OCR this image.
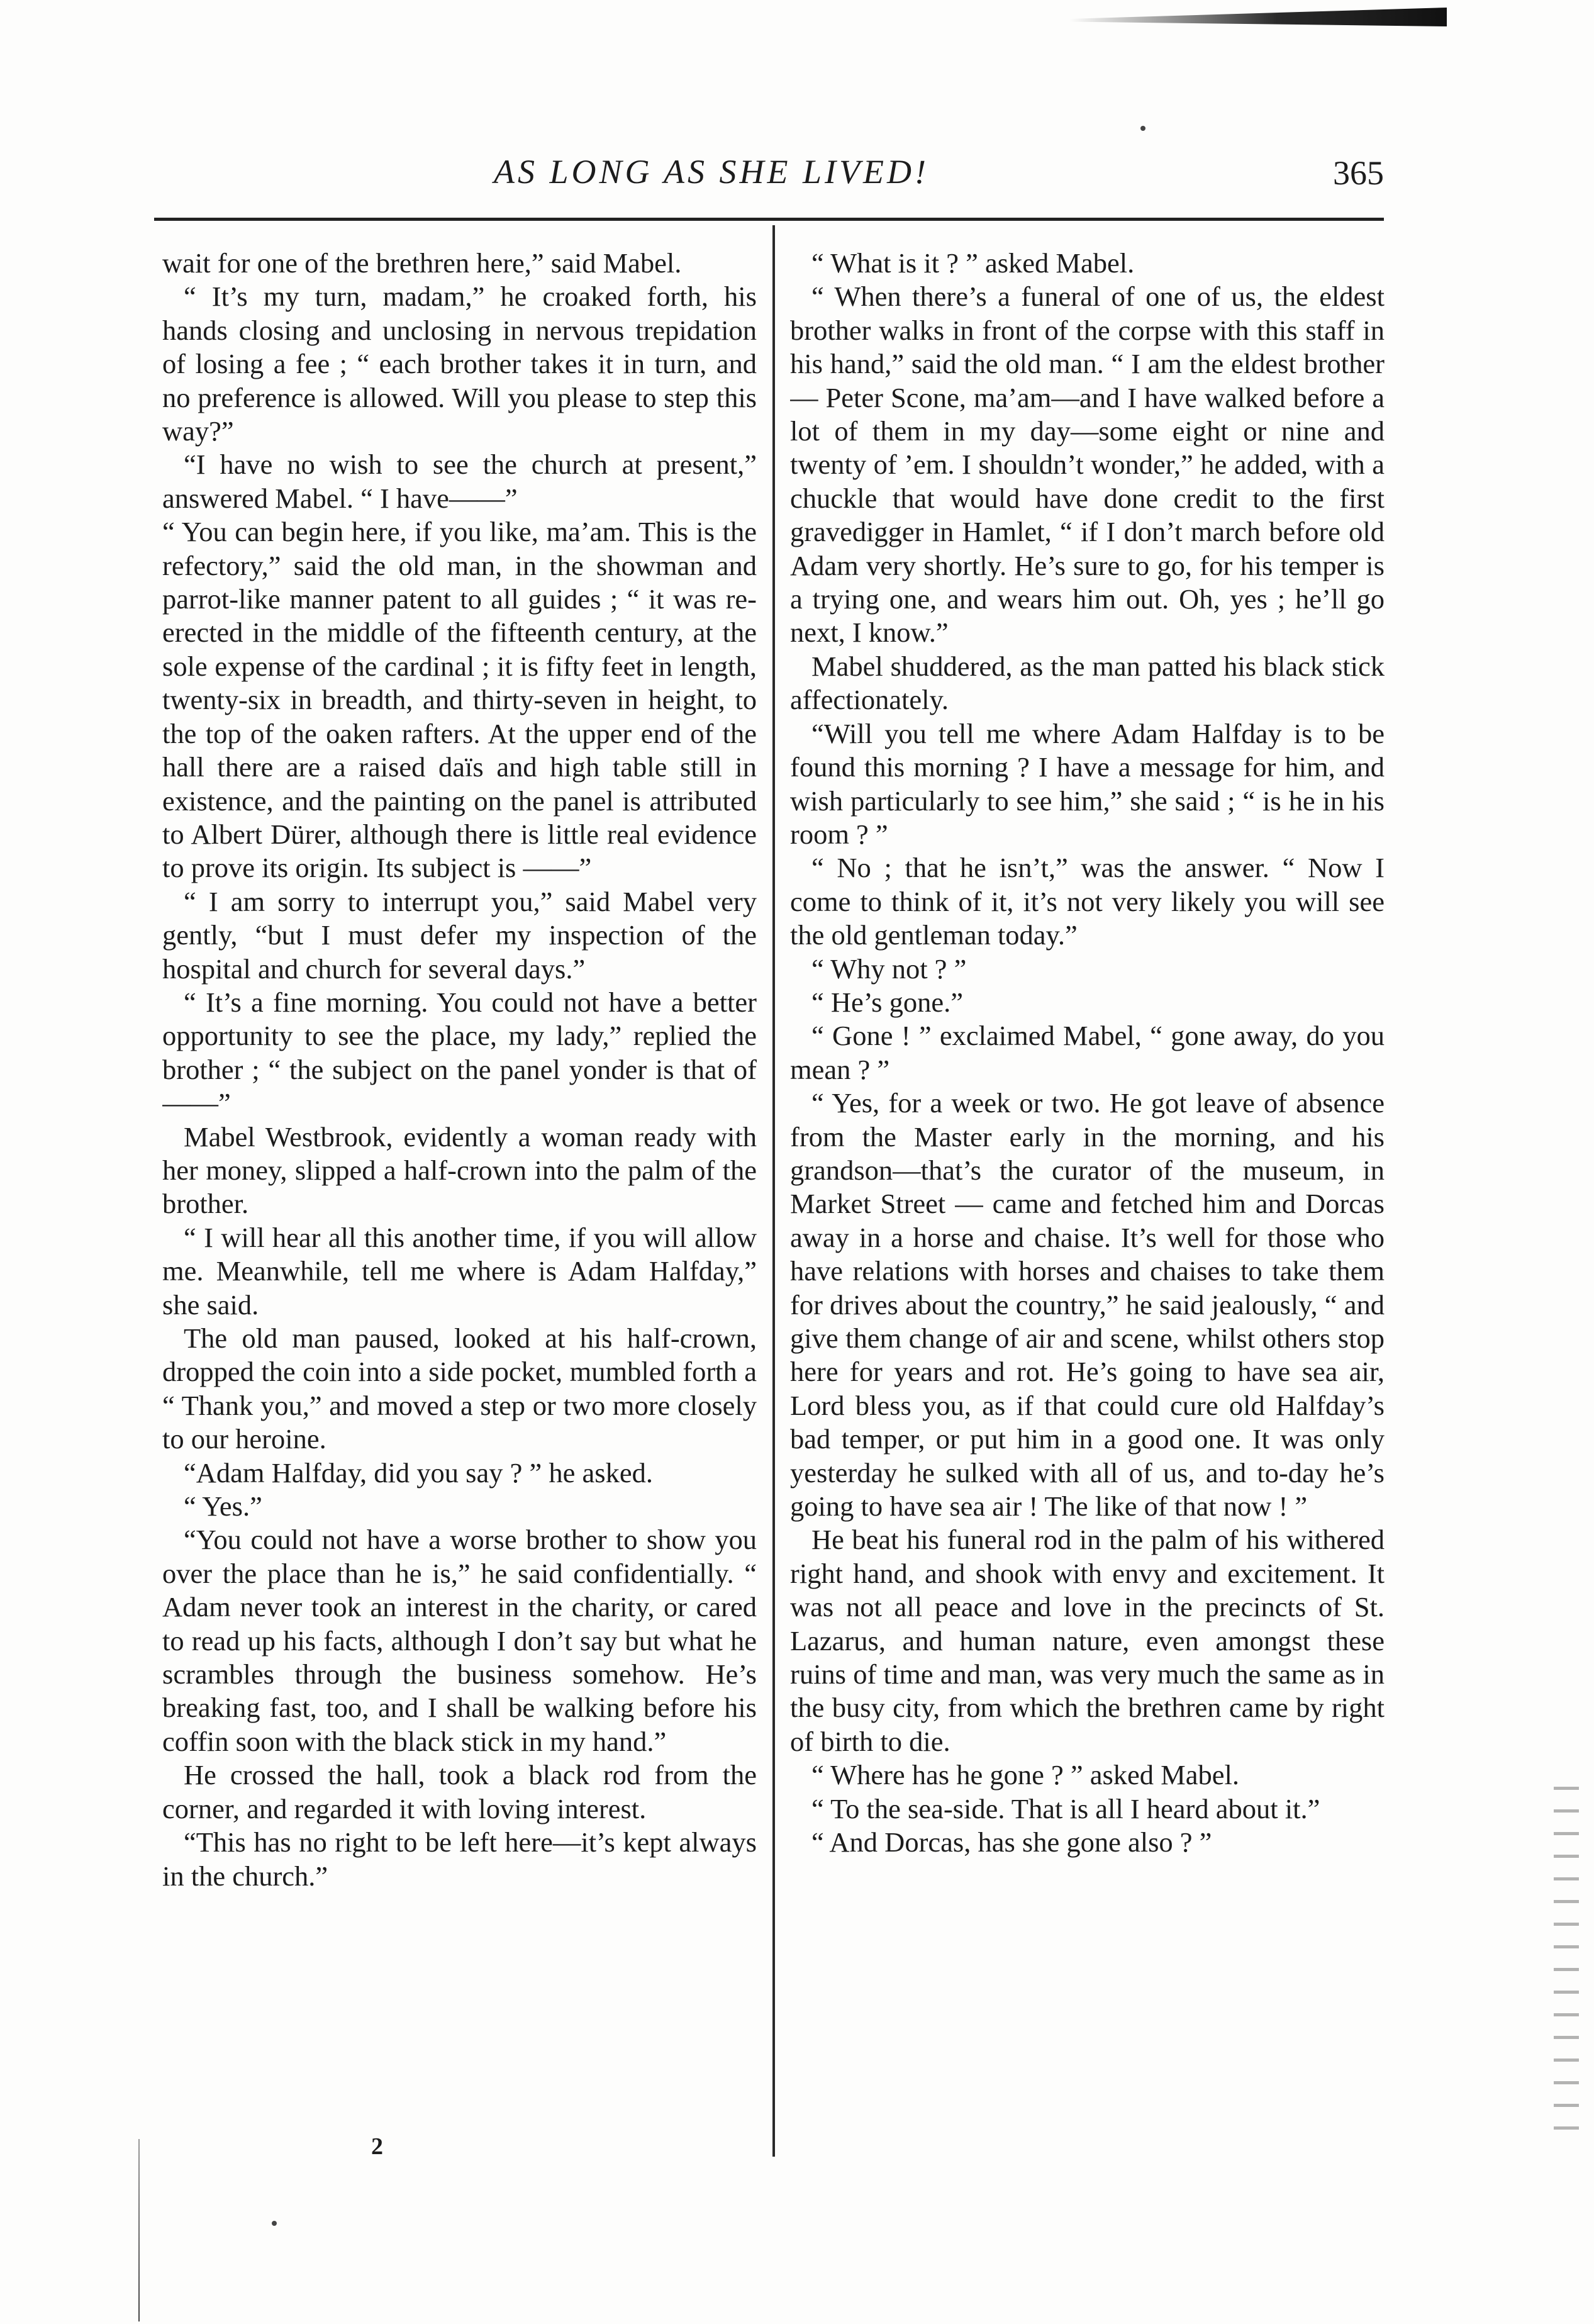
AS LONG AS SHE LIVED!	365

wait for one of the brethren here,” said Mabel.

“ It’s my turn, madam,” he croaked forth, his hands closing and unclosing in nervous trepidation of losing a fee ; “ each brother takes it in turn, and no preference is allowed. Will you please to step this way?”

“I have no wish to see the church at present,” answered Mabel. “ I have——”

“ You can begin here, if you like, ma’am. This is the refectory,” said the old man, in the showman and parrot-like manner patent to all guides ; “ it was re-erected in the middle of the fifteenth century, at the sole expense of the cardinal ; it is fifty feet in length, twenty-six in breadth, and thirty-seven in height, to the top of the oaken rafters. At the upper end of the hall there are a raised daïs and high table still in existence, and the painting on the panel is attributed to Albert Dürer, although there is little real evidence to prove its origin. Its subject is ——”

“ I am sorry to interrupt you,” said Mabel very gently, “but I must defer my inspection of the hospital and church for several days.”

“ It’s a fine morning. You could not have a better opportunity to see the place, my lady,” replied the brother ; “ the subject on the panel yonder is that of——”

Mabel Westbrook, evidently a woman ready with her money, slipped a half-crown into the palm of the brother.

“ I will hear all this another time, if you will allow me. Meanwhile, tell me where is Adam Halfday,” she said.

The old man paused, looked at his half-crown, dropped the coin into a side pocket, mumbled forth a “ Thank you,” and moved a step or two more closely to our heroine.

“Adam Halfday, did you say ? ” he asked.

“ Yes.”

“You could not have a worse brother to show you over the place than he is,” he said confidentially. “ Adam never took an interest in the charity, or cared to read up his facts, although I don’t say but what he scrambles through the business somehow. He’s breaking fast, too, and I shall be walking before his coffin soon with the black stick in my hand.”

He crossed the hall, took a black rod from the corner, and regarded it with loving interest.

“This has no right to be left here—it’s kept always in the church.”

“ What is it ? ” asked Mabel.

“ When there’s a funeral of one of us, the eldest brother walks in front of the corpse with this staff in his hand,” said the old man. “ I am the eldest brother— Peter Scone, ma’am—and I have walked before a lot of them in my day—some eight or nine and twenty of ’em. I shouldn’t wonder,” he added, with a chuckle that would have done credit to the first gravedigger in Hamlet, “ if I don’t march before old Adam very shortly. He’s sure to go, for his temper is a trying one, and wears him out. Oh, yes ; he’ll go next, I know.”

Mabel shuddered, as the man patted his black stick affectionately.

“Will you tell me where Adam Halfday is to be found this morning ? I have a message for him, and wish particularly to see him,” she said ; “ is he in his room ? ”

“ No ; that he isn’t,” was the answer. “ Now I come to think of it, it’s not very likely you will see the old gentleman today.”

“ Why not ? ”

“ He’s gone.”

“ Gone ! ” exclaimed Mabel, “ gone away, do you mean ? ”

“ Yes, for a week or two. He got leave of absence from the Master early in the morning, and his grandson—that’s the curator of the museum, in Market Street — came and fetched him and Dorcas away in a horse and chaise. It’s well for those who have relations with horses and chaises to take them for drives about the country,” he said jealously, “ and give them change of air and scene, whilst others stop here for years and rot. He’s going to have sea air, Lord bless you, as if that could cure old Halfday’s bad temper, or put him in a good one. It was only yesterday he sulked with all of us, and to-day he’s going to have sea air ! The like of that now ! ”

He beat his funeral rod in the palm of his withered right hand, and shook with envy and excitement. It was not all peace and love in the precincts of St. Lazarus, and human nature, even amongst these ruins of time and man, was very much the same as in the busy city, from which the brethren came by right of birth to die.

“ Where has he gone ? ” asked Mabel.

“ To the sea-side. That is all I heard about it.”

“ And Dorcas, has she gone also ? ”

2
